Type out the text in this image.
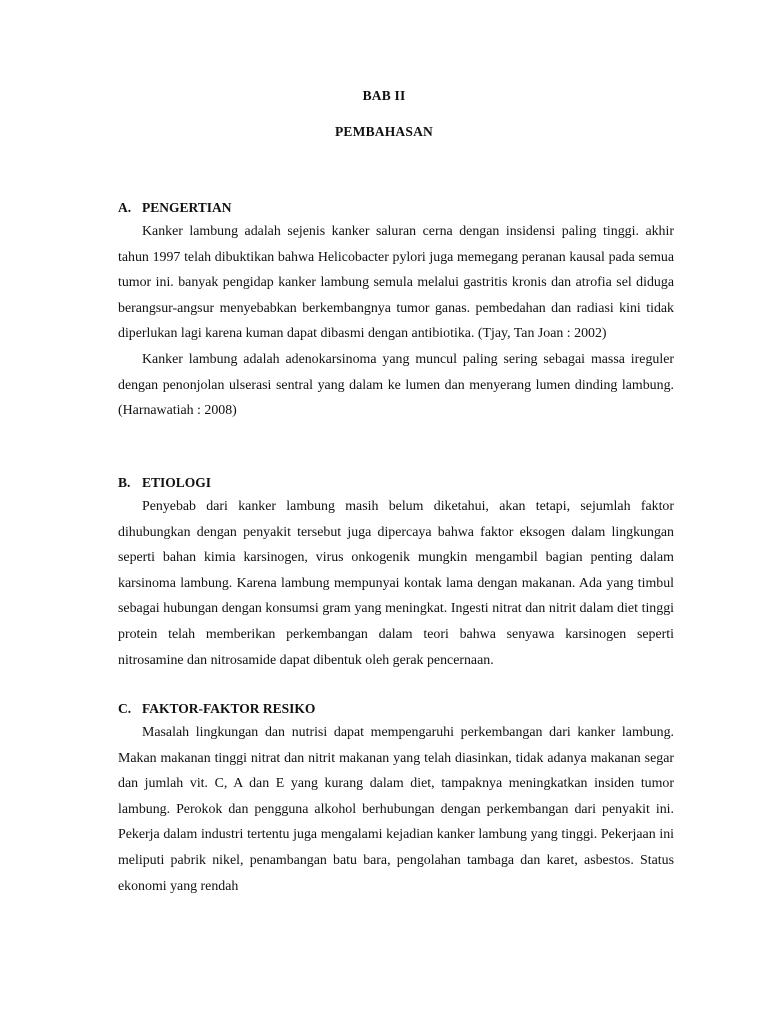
BAB II
PEMBAHASAN
A. PENGERTIAN

Kanker lambung adalah sejenis kanker saluran cerna dengan insidensi paling tinggi. akhir tahun 1997 telah dibuktikan bahwa Helicobacter pylori juga memegang peranan kausal pada semua tumor ini. banyak pengidap kanker lambung semula melalui gastritis kronis dan atrofia sel diduga berangsur-angsur menyebabkan berkembangnya tumor ganas. pembedahan dan radiasi kini tidak diperlukan lagi karena kuman dapat dibasmi dengan antibiotika. (Tjay, Tan Joan : 2002)

Kanker lambung adalah adenokarsinoma yang muncul paling sering sebagai massa ireguler dengan penonjolan ulserasi sentral yang dalam ke lumen dan menyerang lumen dinding lambung. (Harnawatiah : 2008)

B. ETIOLOGI

Penyebab dari kanker lambung masih belum diketahui, akan tetapi, sejumlah faktor dihubungkan dengan penyakit tersebut juga dipercaya bahwa faktor eksogen dalam lingkungan seperti bahan kimia karsinogen, virus onkogenik mungkin mengambil bagian penting dalam karsinoma lambung. Karena lambung mempunyai kontak lama dengan makanan. Ada yang timbul sebagai hubungan dengan konsumsi gram yang meningkat. Ingesti nitrat dan nitrit dalam diet tinggi protein telah memberikan perkembangan dalam teori bahwa senyawa karsinogen seperti nitrosamine dan nitrosamide dapat dibentuk oleh gerak pencernaan.

C. FAKTOR-FAKTOR RESIKO

Masalah lingkungan dan nutrisi dapat mempengaruhi perkembangan dari kanker lambung. Makan makanan tinggi nitrat dan nitrit makanan yang telah diasinkan, tidak adanya makanan segar dan jumlah vit. C, A dan E yang kurang dalam diet, tampaknya meningkatkan insiden tumor lambung. Perokok dan pengguna alkohol berhubungan dengan perkembangan dari penyakit ini. Pekerja dalam industri tertentu juga mengalami kejadian kanker lambung yang tinggi. Pekerjaan ini meliputi pabrik nikel, penambangan batu bara, pengolahan tambaga dan karet, asbestos. Status ekonomi yang rendah
